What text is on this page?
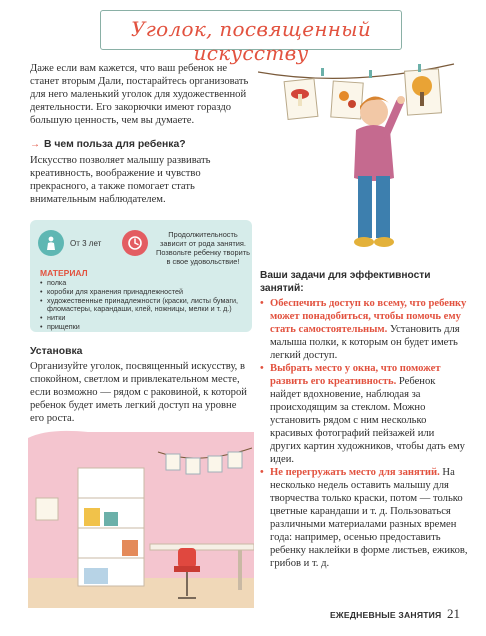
Уголок, посвященный искусству

Даже если вам кажется, что ваш ребенок не станет вторым Дали, постарайтесь организовать для него маленький уголок для художественной деятельности. Его закорючки имеют гораздо большую ценность, чем вы думаете.

→ В чем польза для ребенка?

Искусство позволяет малышу развивать креативность, воображение и чувство прекрасного, а также помогает стать внимательным наблюдателем.

От 3 лет

Продолжительность зависит от рода занятия. Позвольте ребенку творить в свое удовольствие!

МАТЕРИАЛ
• полка
• коробки для хранения принадлежностей
• художественные принадлежности (краски, листы бумаги, фломастеры, карандаши, клей, ножницы, мелки и т. д.)
• нитки
• прищепки
Установка

Организуйте уголок, посвященный искусству, в спокойном, светлом и привлекательном месте, если возможно — рядом с раковиной, к которой ребенок будет иметь легкий доступ на уровне его роста.

Ваши задачи для эффективности занятий:
• Обеспечить доступ ко всему, что ребенку может понадобиться, чтобы помочь ему стать самостоятельным. Установить для малыша полки, к которым он будет иметь легкий доступ.
• Выбрать место у окна, что поможет развить его креативность. Ребенок найдет вдохновение, наблюдая за происходящим за стеклом. Можно установить рядом с ним несколько красивых фотографий пейзажей или других картин художников, чтобы дать ему идеи.
• Не перегружать место для занятий. На несколько недель оставить малышу для творчества только краски, потом — только цветные карандаши и т. д. Пользоваться различными материалами разных времен года: например, осенью предоставить ребенку наклейки в форме листьев, ежиков, грибов и т. д.
ЕЖЕДНЕВНЫЕ ЗАНЯТИЯ 21
